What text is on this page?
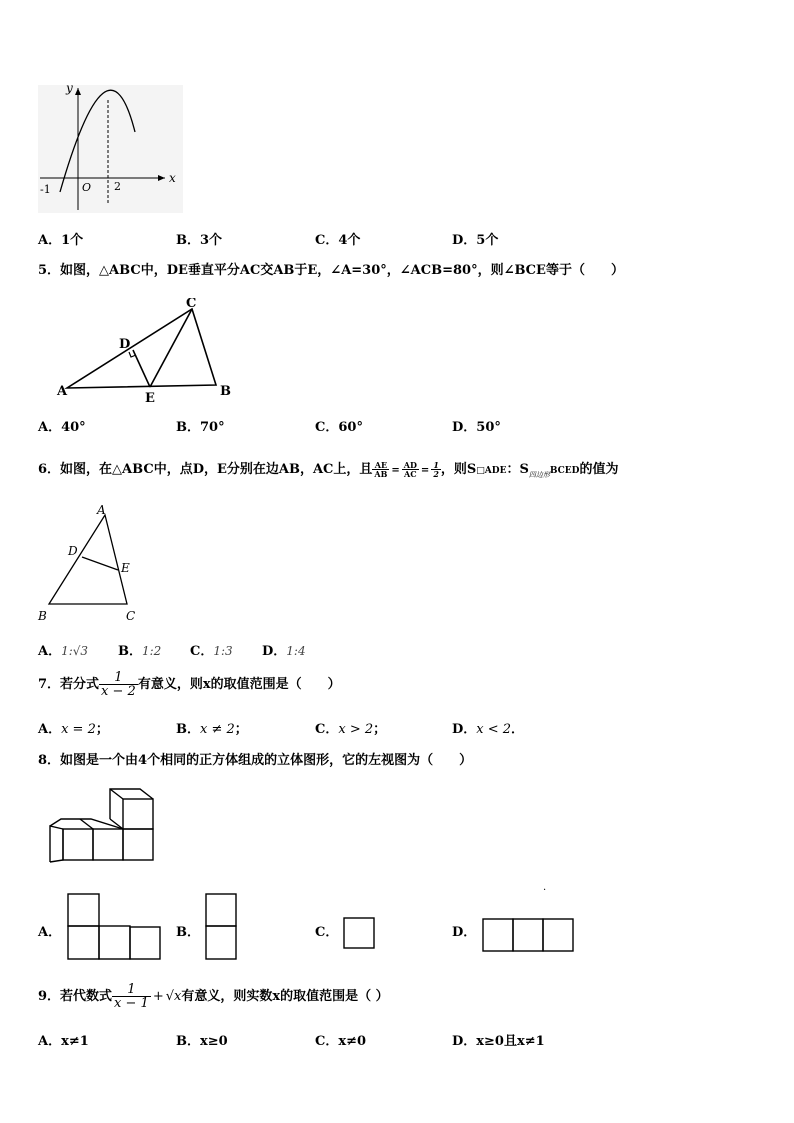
y
x
O
-1	2
A．1个	B．3个	C．4个	D．5个
5．如图，△ABC中，DE垂直平分AC交AB于E，∠A=30°，∠ACB=80°，则∠BCE等于（　　）
A	B
C
D
E
A．40°	B．70°	C．60°	D．50°
6．如图，在△ABC中，点D，E分别在边AB，AC上，且 $\frac{AE}{AB} = \frac{AD}{AC} = \frac{1}{2}$ ，则S□ADE：$S_{四边形}BCED$的值为
A
B	C
D
E
A．1:√3 B．1:2 C．1:3 D．1:4
7．若分式 $\frac{1}{x - 2}$ 有意义，则x的取值范围是（　　）
A．x = 2；	B．x ≠ 2；	C．x > 2；	D．x < 2．
8．如图是一个由4个相同的正方体组成的立体图形，它的左视图为（　　）
A．	B．	C．	D．
.
9．若代数式 $\frac{1}{x - 1} + √x$有意义，则实数x的取值范围是（ ）
A．x≠1	B．x≥0	C．x≠0	D．x≥0且x≠1
